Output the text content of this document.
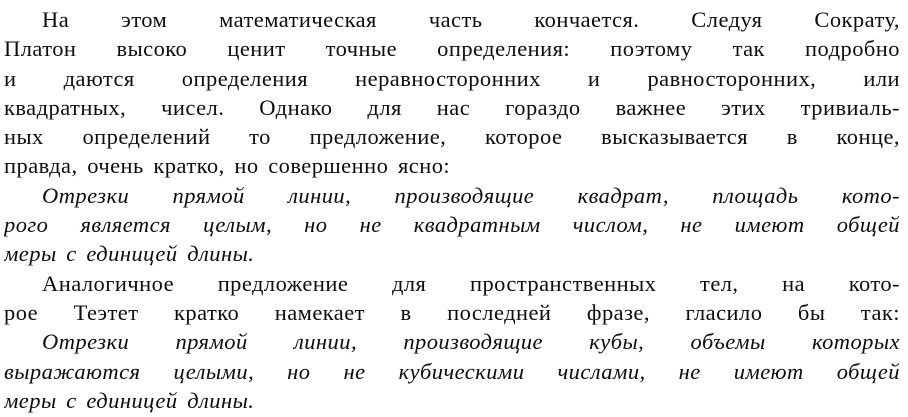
На этом математическая часть кончается. Следуя Сократу,
Платон высоко ценит точные определения: поэтому так подробно
и даются определения неравносторонних и равносторонних, или
квадратных, чисел. Однако для нас гораздо важнее этих тривиаль-
ных определений то предложение, которое высказывается в конце,
правда, очень кратко, но совершенно ясно:
Отрезки прямой линии, производящие квадрат, площадь кото-
рого является целым, но не квадратным числом, не имеют общей
меры с единицей длины.
Аналогичное предложение для пространственных тел, на кото-
рое Теэтет кратко намекает в последней фразе, гласило бы так:
Отрезки прямой линии, производящие кубы, объемы которых
выражаются целыми, но не кубическими числами, не имеют общей
меры с единицей длины.
